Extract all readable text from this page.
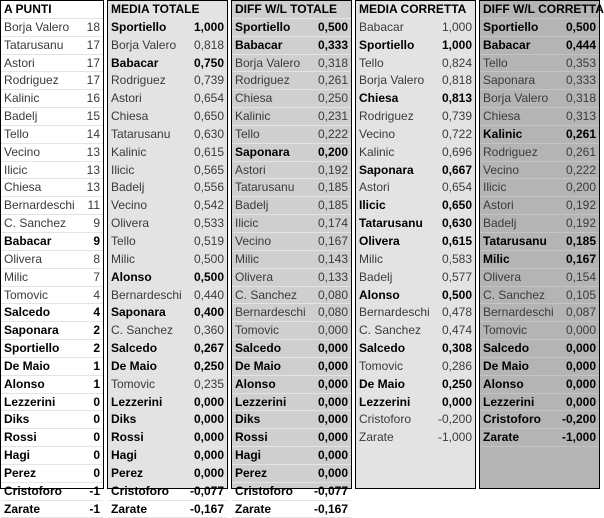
A PUNTI	
Borja Valero	18
Tatarusanu	17
Astori	17
Rodriguez	17
Kalinic	16
Badelj	15
Tello	14
Vecino	13
Ilicic	13
Chiesa	13
Bernardeschi	11
C. Sanchez	9
Babacar	9
Olivera	8
Milic	7
Tomovic	4
Salcedo	4
Saponara	2
Sportiello	2
De Maio	1
Alonso	1
Lezzerini	0
Diks	0
Rossi	0
Hagi	0
Perez	0
Cristoforo	-1
Zarate	-1
MEDIA TOTALE	
Sportiello	1,000
Borja Valero	0,818
Babacar	0,750
Rodriguez	0,739
Astori	0,654
Chiesa	0,650
Tatarusanu	0,630
Kalinic	0,615
Ilicic	0,565
Badelj	0,556
Vecino	0,542
Olivera	0,533
Tello	0,519
Milic	0,500
Alonso	0,500
Bernardeschi	0,440
Saponara	0,400
C. Sanchez	0,360
Salcedo	0,267
De Maio	0,250
Tomovic	0,235
Lezzerini	0,000
Diks	0,000
Rossi	0,000
Hagi	0,000
Perez	0,000
Cristoforo	-0,077
Zarate	-0,167
DIFF W/L TOTALE	
Sportiello	0,500
Babacar	0,333
Borja Valero	0,318
Rodriguez	0,261
Chiesa	0,250
Kalinic	0,231
Tello	0,222
Saponara	0,200
Astori	0,192
Tatarusanu	0,185
Badelj	0,185
Ilicic	0,174
Vecino	0,167
Milic	0,143
Olivera	0,133
C. Sanchez	0,080
Bernardeschi	0,080
Tomovic	0,000
Salcedo	0,000
De Maio	0,000
Alonso	0,000
Lezzerini	0,000
Diks	0,000
Rossi	0,000
Hagi	0,000
Perez	0,000
Cristoforo	-0,077
Zarate	-0,167
MEDIA CORRETTA	
Babacar	1,000
Sportiello	1,000
Tello	0,824
Borja Valero	0,818
Chiesa	0,813
Rodriguez	0,739
Vecino	0,722
Kalinic	0,696
Saponara	0,667
Astori	0,654
Ilicic	0,650
Tatarusanu	0,630
Olivera	0,615
Milic	0,583
Badelj	0,577
Alonso	0,500
Bernardeschi	0,478
C. Sanchez	0,474
Salcedo	0,308
Tomovic	0,286
De Maio	0,250
Lezzerini	0,000
Cristoforo	-0,200
Zarate	-1,000
DIFF W/L CORRETTA	
Sportiello	0,500
Babacar	0,444
Tello	0,353
Saponara	0,333
Borja Valero	0,318
Chiesa	0,313
Kalinic	0,261
Rodriguez	0,261
Vecino	0,222
Ilicic	0,200
Astori	0,192
Badelj	0,192
Tatarusanu	0,185
Milic	0,167
Olivera	0,154
C. Sanchez	0,105
Bernardeschi	0,087
Tomovic	0,000
Salcedo	0,000
De Maio	0,000
Alonso	0,000
Lezzerini	0,000
Cristoforo	-0,200
Zarate	-1,000
